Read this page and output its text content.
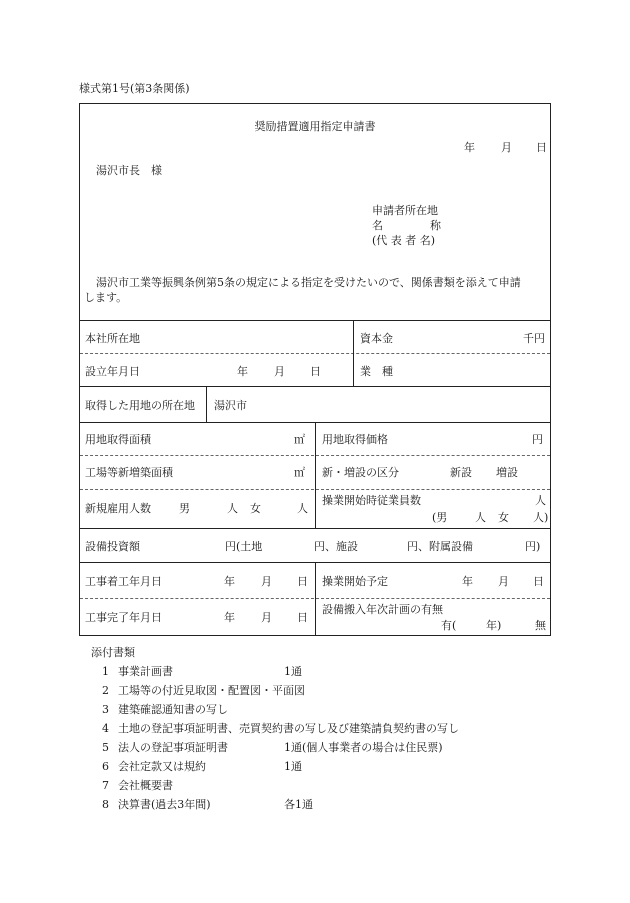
様式第1号(第3条関係)
奨励措置適用指定申請書
年 月 日
湯沢市長　様
申請者所在地
名	称
(代 表 者 名)
湯沢市工業等振興条例第5条の規定による指定を受けたいので、関係書類を添えて申請
します。
本社所在地	資本金	千円
設立年月日	年 月 日	業　種
取得した用地の所在地 湯沢市
用地取得面積	㎡ 用地取得価格	円
工場等新増築面積	㎡ 新・増設の区分	新設 増設
新規雇用人数	男	人 女	人
操業開始時従業員数	人
(男	人 女 人)
設備投資額	円(土地	円、施設	円、附属設備	円)
工事着工年月日	年 月 日 操業開始予定	年 月 日
工事完了年月日	年 月 日
設備搬入年次計画の有無
有(	年)	無
添付書類
1 事業計画書	1通
2 工場等の付近見取図・配置図・平面図
3 建築確認通知書の写し
4 土地の登記事項証明書、売買契約書の写し及び建築請負契約書の写し
5 法人の登記事項証明書	1通(個人事業者の場合は住民票)
6 会社定款又は規約	1通
7 会社概要書
8 決算書(過去3年間)	各1通
